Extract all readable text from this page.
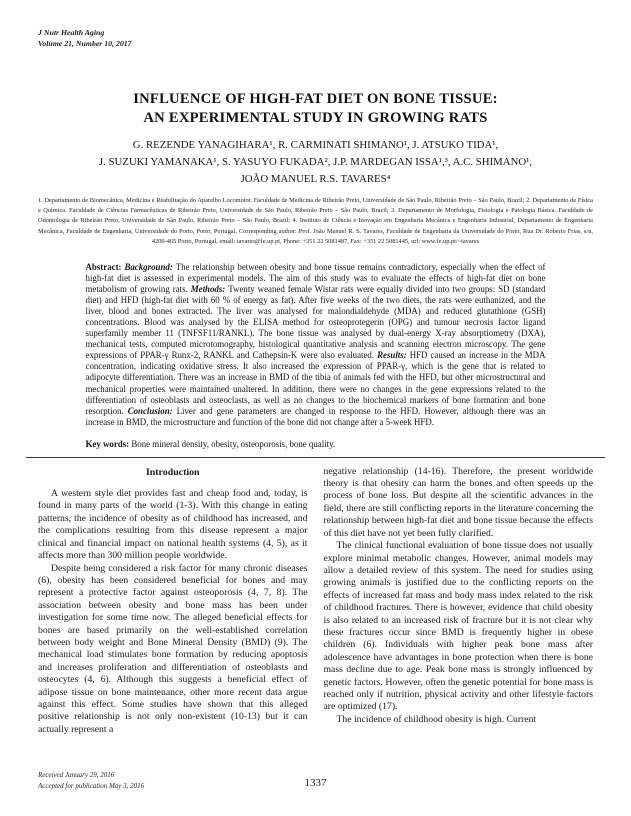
J Nutr Health Aging
Volume 21, Number 10, 2017
INFLUENCE OF HIGH-FAT DIET ON BONE TISSUE:
AN EXPERIMENTAL STUDY IN GROWING RATS
G. REZENDE YANAGIHARA¹, R. CARMINATI SHIMANO¹, J. ATSUKO TIDA¹,
J. SUZUKI YAMANAKA¹, S. YASUYO FUKADA², J.P. MARDEGAN ISSA¹,³, A.C. SHIMANO¹,
JOÃO MANUEL R.S. TAVARES⁴
1. Departamento de Biomecânica, Medicina e Reabilitação do Aparelho Locomotor. Faculdade de Medicina de Ribeirão Preto, Universidade de São Paulo, Ribeirão Preto – São Paulo, Brazil; 2. Departamento de Física e Química. Faculdade de Ciências Farmacêuticas de Ribeirão Preto, Universidade de São Paulo, Ribeirão Preto – São Paulo, Brazil; 3. Departamento de Morfologia, Fisiologia e Patologia Básica. Faculdade de Odontologia de Ribeirão Preto, Universidade de São Paulo, Ribeirão Preto – São Paulo, Brazil; 4. Instituto de Ciência e Inovação em Engenharia Mecânica e Engenharia Industrial, Departamento de Engenharia Mecânica, Faculdade de Engenharia, Universidade do Porto, Porto, Portugal. Corresponding author: Prof. João Manuel R. S. Tavares, Faculdade de Engenharia da Universidade do Porto, Rua Dr. Roberto Frias, s/n, 4200-465 Porto, Portugal, email: tavares@fe.up.pt, Phone: +351 22 5081487, Fax: +351 22 5081445, url: www.fe.up.pt/~tavares
Abstract: Background: The relationship between obesity and bone tissue remains contradictory, especially when the effect of high-fat diet is assessed in experimental models. The aim of this study was to evaluate the effects of high-fat diet on bone metabolism of growing rats. Methods: Twenty weaned female Wistar rats were equally divided into two groups: SD (standard diet) and HFD (high-fat diet with 60 % of energy as fat). After five weeks of the two diets, the rats were euthanized, and the liver, blood and bones extracted. The liver was analysed for malondialdehyde (MDA) and reduced glutathione (GSH) concentrations. Blood was analysed by the ELISA method for osteoprotegerin (OPG) and tumour necrosis factor ligand superfamily member 11 (TNFSF11/RANKL). The bone tissue was analysed by dual-energy X-ray absorptiometry (DXA), mechanical tests, computed microtomography, histological quantitative analysis and scanning electron microscopy. The gene expressions of PPAR-γ Runx-2, RANKL and Cathepsin-K were also evaluated. Results: HFD caused an increase in the MDA concentration, indicating oxidative stress. It also increased the expression of PPAR-γ, which is the gene that is related to adipocyte differentiation. There was an increase in BMD of the tibia of animals fed with the HFD, but other microstructural and mechanical properties were maintained unaltered. In addition, there were no changes in the gene expressions related to the differentiation of osteoblasts and osteoclasts, as well as no changes to the biochemical markers of bone formation and bone resorption. Conclusion: Liver and gene parameters are changed in response to the HFD. However, although there was an increase in BMD, the microstructure and function of the bone did not change after a 5-week HFD.
Key words: Bone mineral density, obesity, osteoporosis, bone quality.
Introduction

A western style diet provides fast and cheap food and, today, is found in many parts of the world (1-3). With this change in eating patterns, the incidence of obesity as of childhood has increased, and the complications resulting from this disease represent a major clinical and financial impact on national health systems (4, 5), as it affects more than 300 million people worldwide.

Despite being considered a risk factor for many chronic diseases (6), obesity has been considered beneficial for bones and may represent a protective factor against osteoporosis (4, 7, 8). The association between obesity and bone mass has been under investigation for some time now. The alleged beneficial effects for bones are based primarily on the well-established correlation between body weight and Bone Mineral Density (BMD) (9). The mechanical load stimulates bone formation by reducing apoptosis and increases proliferation and differentiation of osteoblasts and osteocytes (4, 6). Although this suggests a beneficial effect of adipose tissue on bone maintenance, other more recent data argue against this effect. Some studies have shown that this alleged positive relationship is not only non-existent (10-13) but it can actually represent a

negative relationship (14-16). Therefore, the present worldwide theory is that obesity can harm the bones and often speeds up the process of bone loss. But despite all the scientific advances in the field, there are still conflicting reports in the literature concerning the relationship between high-fat diet and bone tissue because the effects of this diet have not yet been fully clarified.

The clinical functional evaluation of bone tissue does not usually explore minimal metabolic changes. However, animal models may allow a detailed review of this system. The need for studies using growing animals is justified due to the conflicting reports on the effects of increased fat mass and body mass index related to the risk of childhood fractures. There is however, evidence that child obesity is also related to an increased risk of fracture but it is not clear why these fractures occur since BMD is frequently higher in obese children (6). Individuals with higher peak bone mass after adolescence have advantages in bone protection when there is bone mass decline due to age. Peak bone mass is strongly influenced by genetic factors. However, often the genetic potential for bone mass is reached only if nutrition, physical activity and other lifestyle factors are optimized (17).

The incidence of childhood obesity is high. Current

Received January 29, 2016
Accepted for publication May 3, 2016	1337
